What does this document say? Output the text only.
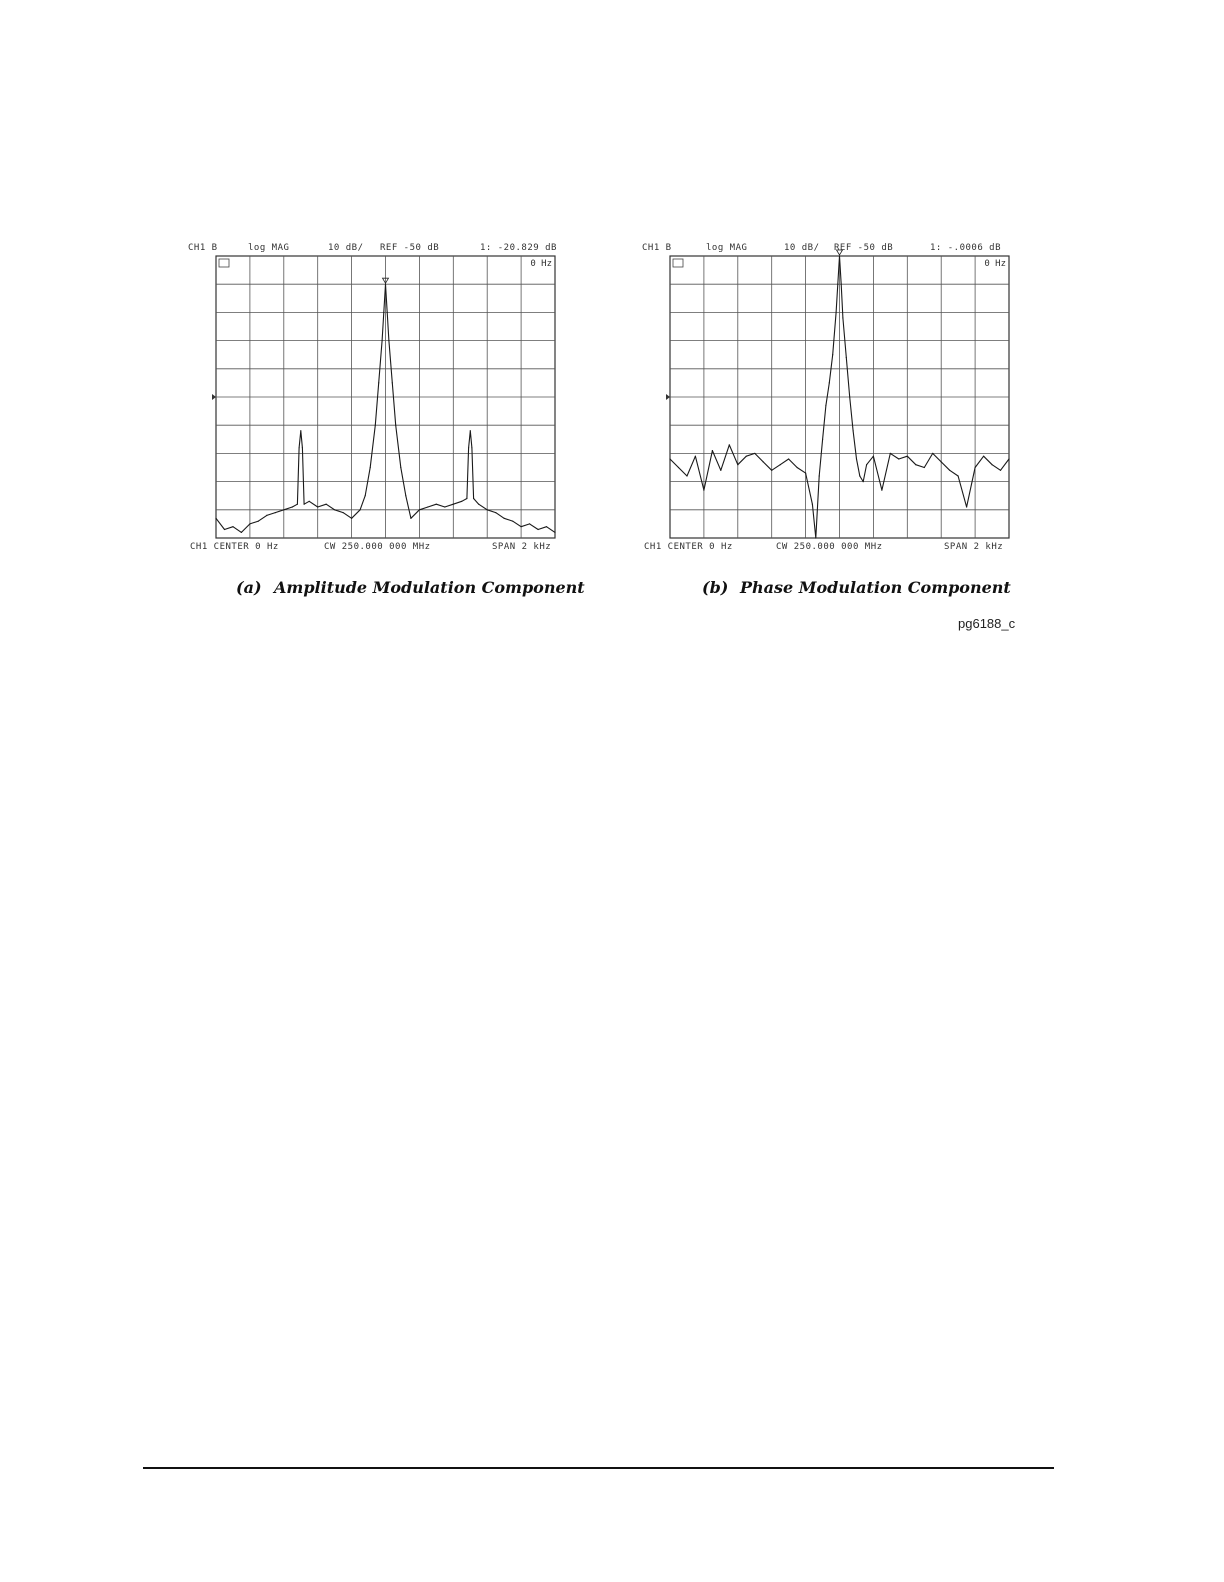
CH1 B	log MAG	10 dB/ REF -50 dB	1: -20.829 dB
0 Hz
CH1 CENTER 0 Hz	CW 250.000 000 MHz	SPAN 2 kHz
CH1 B	log MAG	10 dB/ REF -50 dB	1: -.0006 dB
0 Hz
CH1 CENTER 0 Hz	CW 250.000 000 MHz	SPAN 2 kHz
(a) Amplitude Modulation Component	(b) Phase Modulation Component
pg6188_c
